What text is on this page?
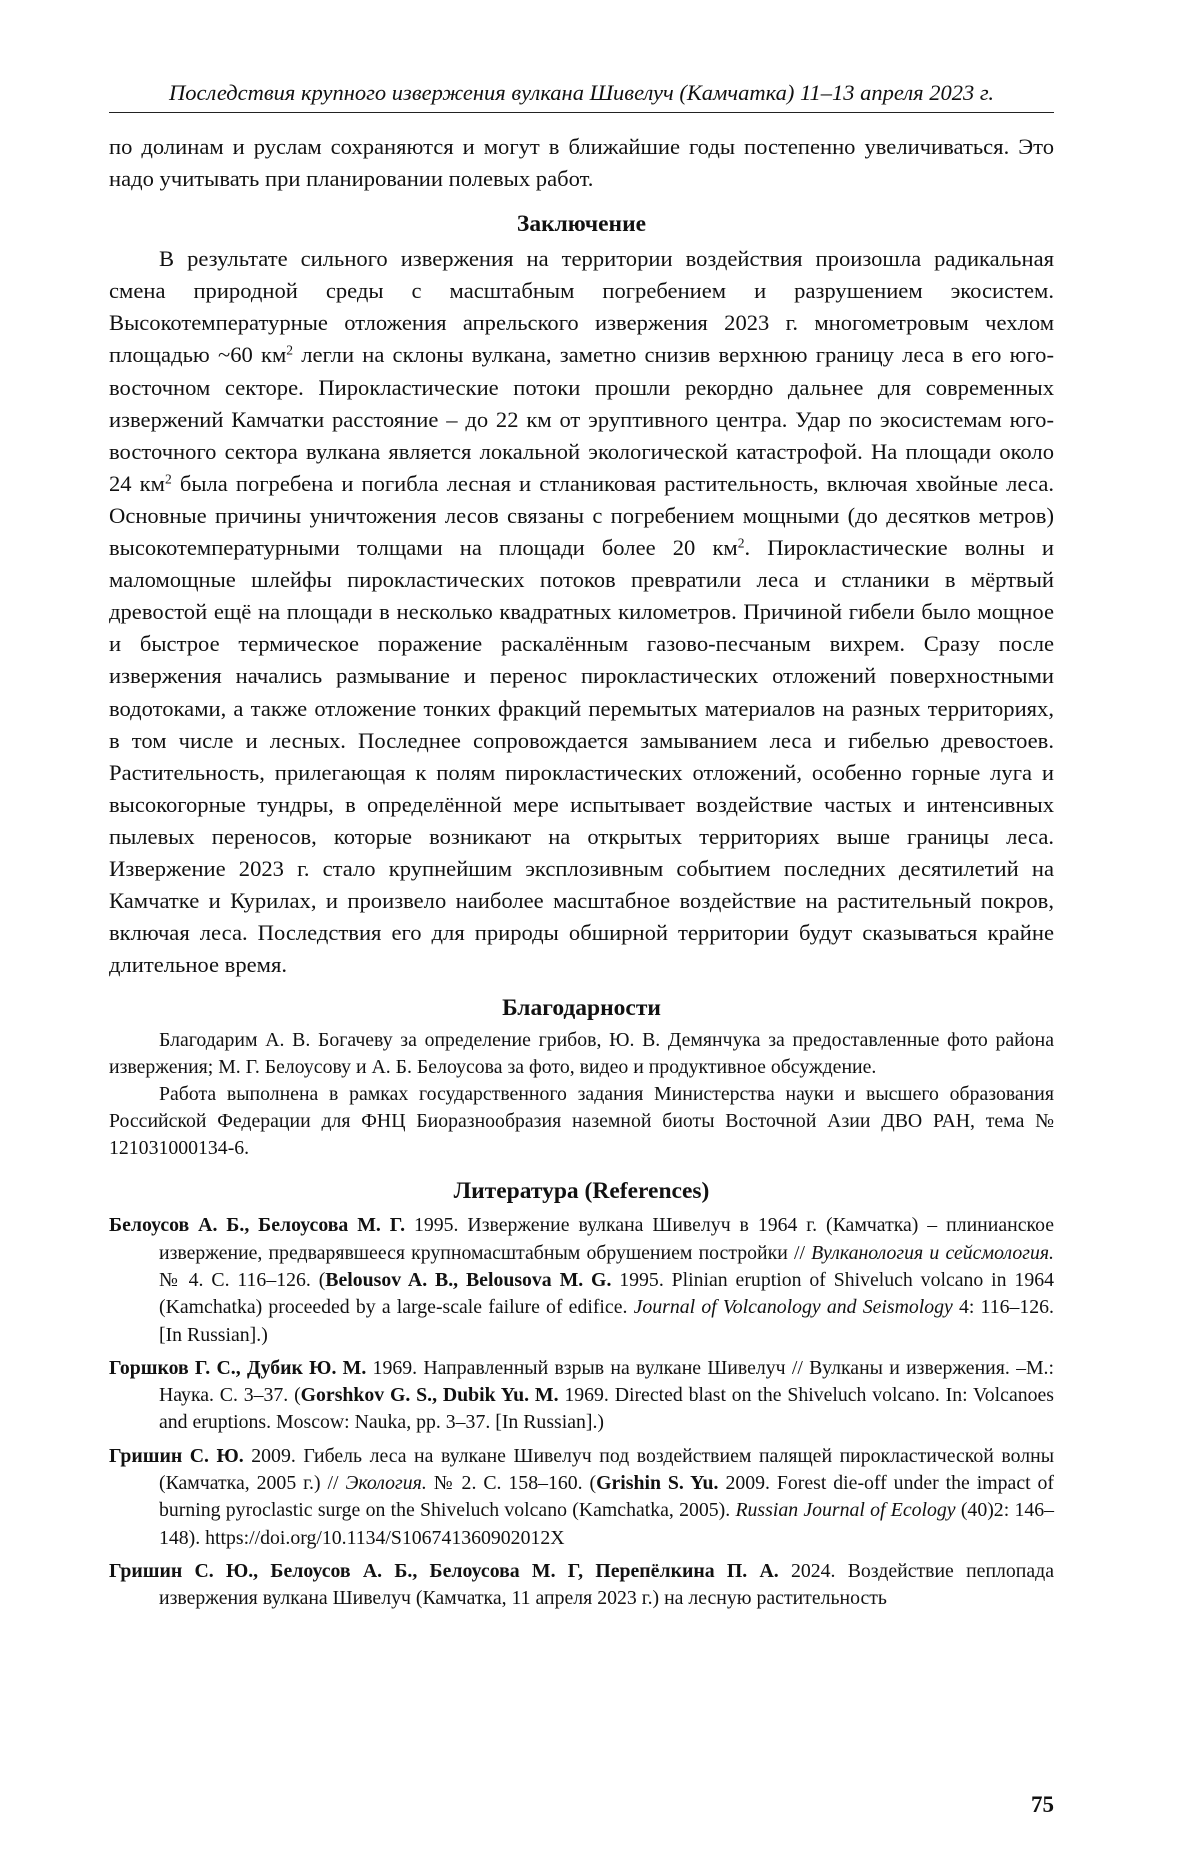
Последствия крупного извержения вулкана Шивелуч (Камчатка) 11–13 апреля 2023 г.

по долинам и руслам сохраняются и могут в ближайшие годы постепенно увеличиваться. Это надо учитывать при планировании полевых работ.

Заключение

В результате сильного извержения на территории воздействия произошла радикальная смена природной среды с масштабным погребением и разрушением экосистем. Высокотемпературные отложения апрельского извержения 2023 г. многометровым чехлом площадью ~60 $км^2$ легли на склоны вулкана, заметно снизив верхнюю границу леса в его юго-восточном секторе. Пирокластические потоки прошли рекордно дальнее для современных извержений Камчатки расстояние – до 22 км от эруптивного центра. Удар по экосистемам юго-восточного сектора вулкана является локальной экологической катастрофой. На площади около 24 $км^2$ была погребена и погибла лесная и стланиковая растительность, включая хвойные леса. Основные причины уничтожения лесов связаны с погребением мощными (до десятков метров) высокотемпературными толщами на площади более 20 $км^2$. Пирокластические волны и маломощные шлейфы пирокластических потоков превратили леса и стланики в мёртвый древостой ещё на площади в несколько квадратных километров. Причиной гибели было мощное и быстрое термическое поражение раскалённым газово-песчаным вихрем. Сразу после извержения начались размывание и перенос пирокластических отложений поверхностными водотоками, а также отложение тонких фракций перемытых материалов на разных территориях, в том числе и лесных. Последнее сопровождается замыванием леса и гибелью древостоев. Растительность, прилегающая к полям пирокластических отложений, особенно горные луга и высокогорные тундры, в определённой мере испытывает воздействие частых и интенсивных пылевых переносов, которые возникают на открытых территориях выше границы леса. Извержение 2023 г. стало крупнейшим эксплозивным событием последних десятилетий на Камчатке и Курилах, и произвело наиболее масштабное воздействие на растительный покров, включая леса. Последствия его для природы обширной территории будут сказываться крайне длительное время.

Благодарности

Благодарим А. В. Богачеву за определение грибов, Ю. В. Демянчука за предоставленные фото района извержения; М. Г. Белоусову и А. Б. Белоусова за фото, видео и продуктивное обсуждение.

Работа выполнена в рамках государственного задания Министерства науки и высшего образования Российской Федерации для ФНЦ Биоразнообразия наземной биоты Восточной Азии ДВО РАН, тема № 121031000134-6.

Литература (References)

Белоусов А. Б., Белоусова М. Г. 1995. Извержение вулкана Шивелуч в 1964 г. (Камчатка) – плинианское извержение, предварявшееся крупномасштабным обрушением постройки // Вулканология и сейсмология. № 4. С. 116–126. (Belousov A. B., Belousova M. G. 1995. Plinian eruption of Shiveluch volcano in 1964 (Kamchatka) proceeded by a large-scale failure of edifice. Journal of Volcanology and Seismology 4: 116–126. [In Russian].)

Горшков Г. С., Дубик Ю. М. 1969. Направленный взрыв на вулкане Шивелуч // Вулканы и извержения. –М.: Наука. С. 3–37. (Gorshkov G. S., Dubik Yu. M. 1969. Directed blast on the Shiveluch volcano. In: Volcanoes and eruptions. Moscow: Nauka, pp. 3–37. [In Russian].)

Гришин С. Ю. 2009. Гибель леса на вулкане Шивелуч под воздействием палящей пирокластической волны (Камчатка, 2005 г.) // Экология. № 2. С. 158–160. (Grishin S. Yu. 2009. Forest die-off under the impact of burning pyroclastic surge on the Shiveluch volcano (Kamchatka, 2005). Russian Journal of Ecology (40)2: 146–148). https://doi.org/10.1134/S106741360902012X

Гришин С. Ю., Белоусов А. Б., Белоусова М. Г, Перепёлкина П. А. 2024. Воздействие пеплопада извержения вулкана Шивелуч (Камчатка, 11 апреля 2023 г.) на лесную растительность

75
